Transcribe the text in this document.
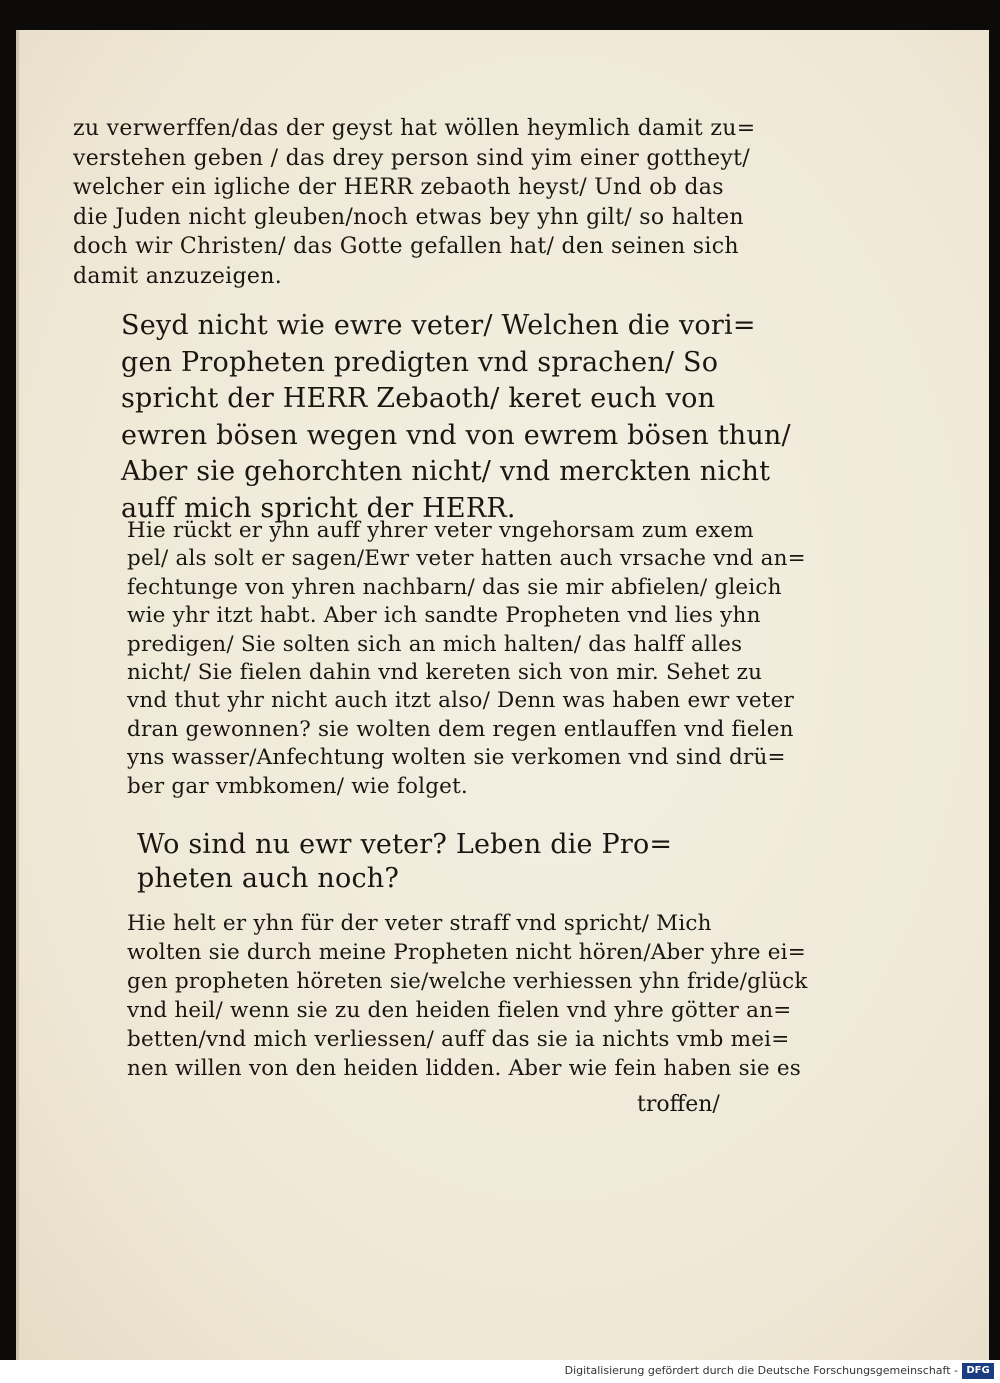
zu verwerffen/das der geyst hat wöllen heymlich damit zu=
verstehen geben / das drey person sind yim einer gottheyt/
welcher ein igliche der HERR zebaoth heyst/ Und ob das
die Juden nicht gleuben/noch etwas bey yhn gilt/ so halten
doch wir Christen/ das Gotte gefallen hat/ den seinen sich
damit anzuzeigen.
Seyd nicht wie ewre veter/ Welchen die vori=
gen Propheten predigten vnd sprachen/ So
spricht der HERR Zebaoth/ keret euch von
ewren bösen wegen vnd von ewrem bösen thun/
Aber sie gehorchten nicht/ vnd merckten nicht
auff mich spricht der HERR.
Hie rückt er yhn auff yhrer veter vngehorsam zum exem
pel/ als solt er sagen/Ewr veter hatten auch vrsache vnd an=
fechtunge von yhren nachbarn/ das sie mir abfielen/ gleich
wie yhr itzt habt. Aber ich sandte Propheten vnd lies yhn
predigen/ Sie solten sich an mich halten/ das halff alles
nicht/ Sie fielen dahin vnd kereten sich von mir. Sehet zu
vnd thut yhr nicht auch itzt also/ Denn was haben ewr veter
dran gewonnen? sie wolten dem regen entlauffen vnd fielen
yns wasser/Anfechtung wolten sie verkomen vnd sind drü=
ber gar vmbkomen/ wie folget.
Wo sind nu ewr veter? Leben die Pro=
pheten auch noch?
Hie helt er yhn für der veter straff vnd spricht/ Mich
wolten sie durch meine Propheten nicht hören/Aber yhre ei=
gen propheten höreten sie/welche verhiessen yhn fride/glück
vnd heil/ wenn sie zu den heiden fielen vnd yhre götter an=
betten/vnd mich verliessen/ auff das sie ia nichts vmb mei=
nen willen von den heiden lidden. Aber wie fein haben sie es
troffen/
Digitalisierung gefördert durch die Deutsche Forschungsgemeinschaft - DFG
